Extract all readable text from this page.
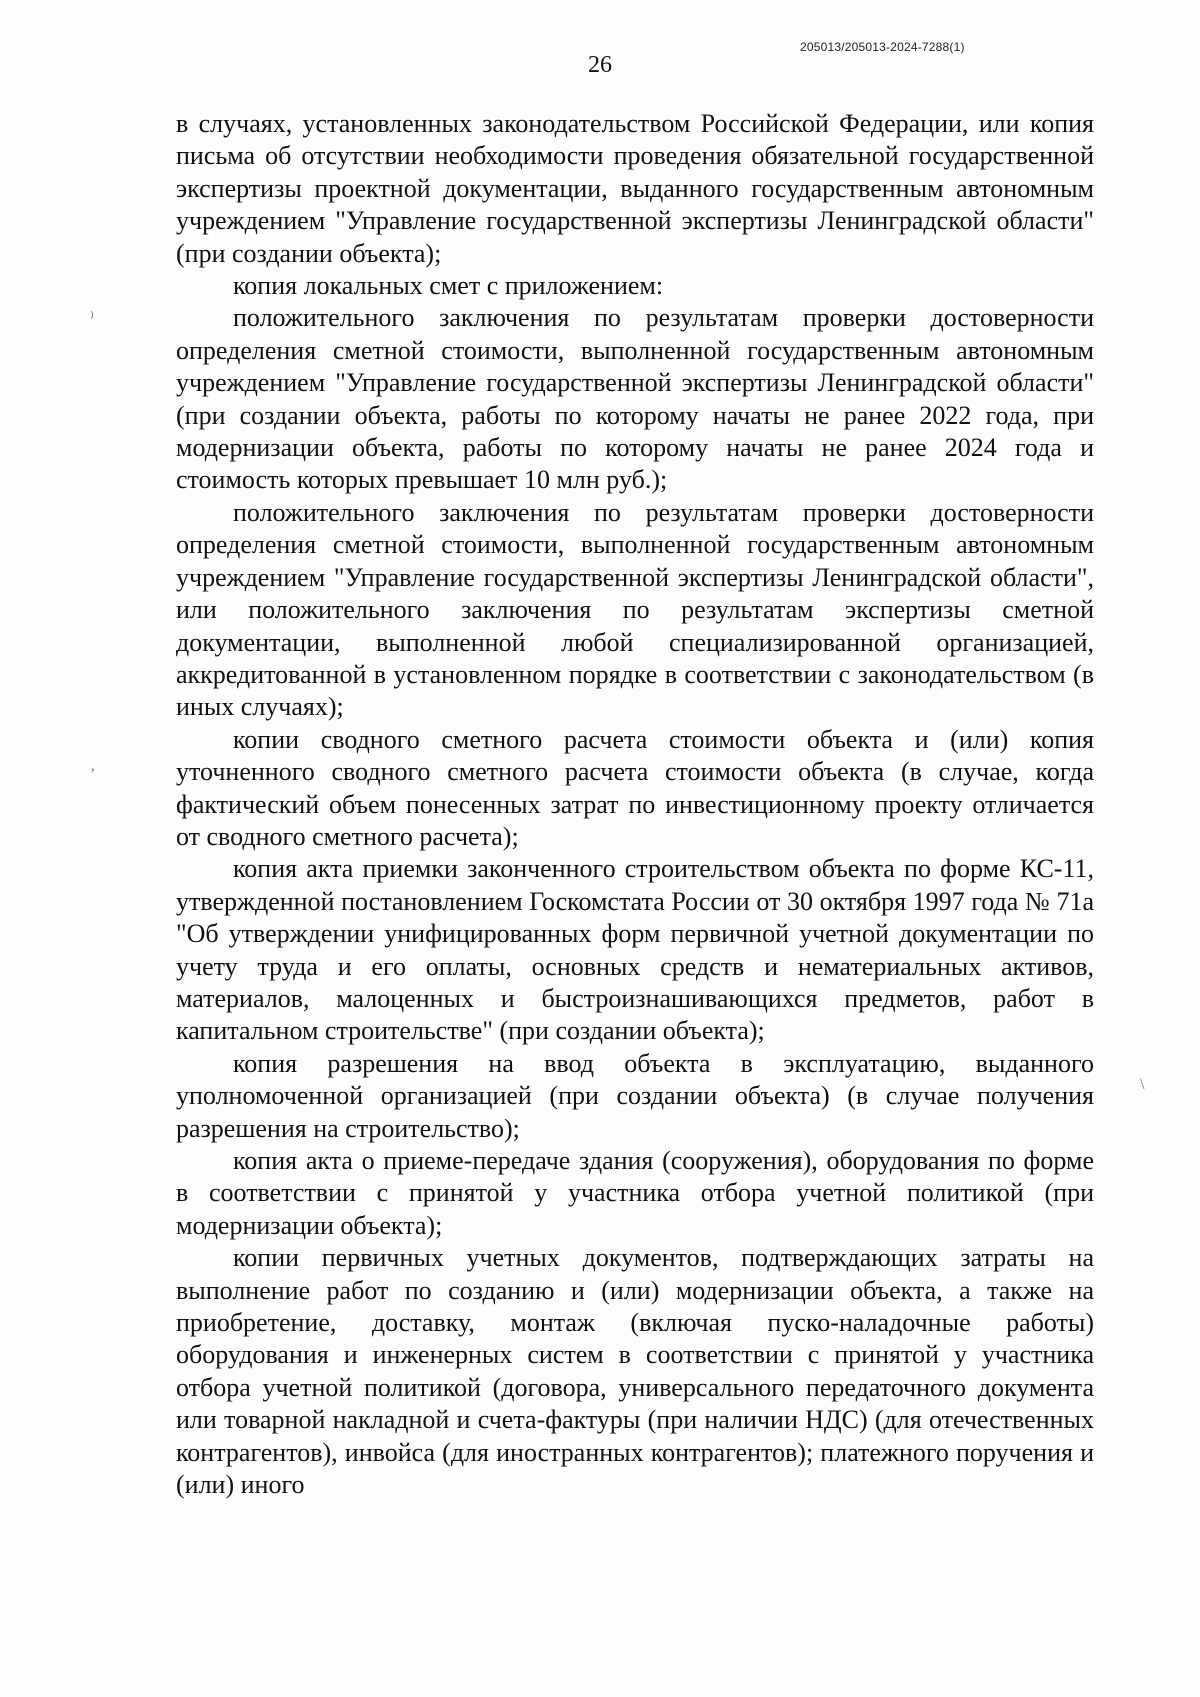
205013/205013-2024-7288(1)
26
⁾
ʼ
\

в случаях, установленных законодательством Российской Федерации, или копия письма об отсутствии необходимости проведения обязательной государственной экспертизы проектной документации, выданного государственным автономным учреждением "Управление государственной экспертизы Ленинградской области" (при создании объекта);

копия локальных смет с приложением:

положительного заключения по результатам проверки достоверности определения сметной стоимости, выполненной государственным автономным учреждением "Управление государственной экспертизы Ленинградской области" (при создании объекта, работы по которому начаты не ранее 2022 года, при модернизации объекта, работы по которому начаты не ранее 2024 года и стоимость которых превышает 10 млн руб.);

положительного заключения по результатам проверки достоверности определения сметной стоимости, выполненной государственным автономным учреждением "Управление государственной экспертизы Ленинградской области", или положительного заключения по результатам экспертизы сметной документации, выполненной любой специализированной организацией, аккредитованной в установленном порядке в соответствии с законодательством (в иных случаях);

копии сводного сметного расчета стоимости объекта и (или) копия уточненного сводного сметного расчета стоимости объекта (в случае, когда фактический объем понесенных затрат по инвестиционному проекту отличается от сводного сметного расчета);

копия акта приемки законченного строительством объекта по форме КС-11, утвержденной постановлением Госкомстата России от 30 октября 1997 года № 71а "Об утверждении унифицированных форм первичной учетной документации по учету труда и его оплаты, основных средств и нематериальных активов, материалов, малоценных и быстроизнашивающихся предметов, работ в капитальном строительстве" (при создании объекта);

копия разрешения на ввод объекта в эксплуатацию, выданного уполномоченной организацией (при создании объекта) (в случае получения разрешения на строительство);

копия акта о приеме-передаче здания (сооружения), оборудования по форме в соответствии с принятой у участника отбора учетной политикой (при модернизации объекта);

копии первичных учетных документов, подтверждающих затраты на выполнение работ по созданию и (или) модернизации объекта, а также на приобретение, доставку, монтаж (включая пуско-наладочные работы) оборудования и инженерных систем в соответствии с принятой у участника отбора учетной политикой (договора, универсального передаточного документа или товарной накладной и счета-фактуры (при наличии НДС) (для отечественных контрагентов), инвойса (для иностранных контрагентов); платежного поручения и (или) иного
